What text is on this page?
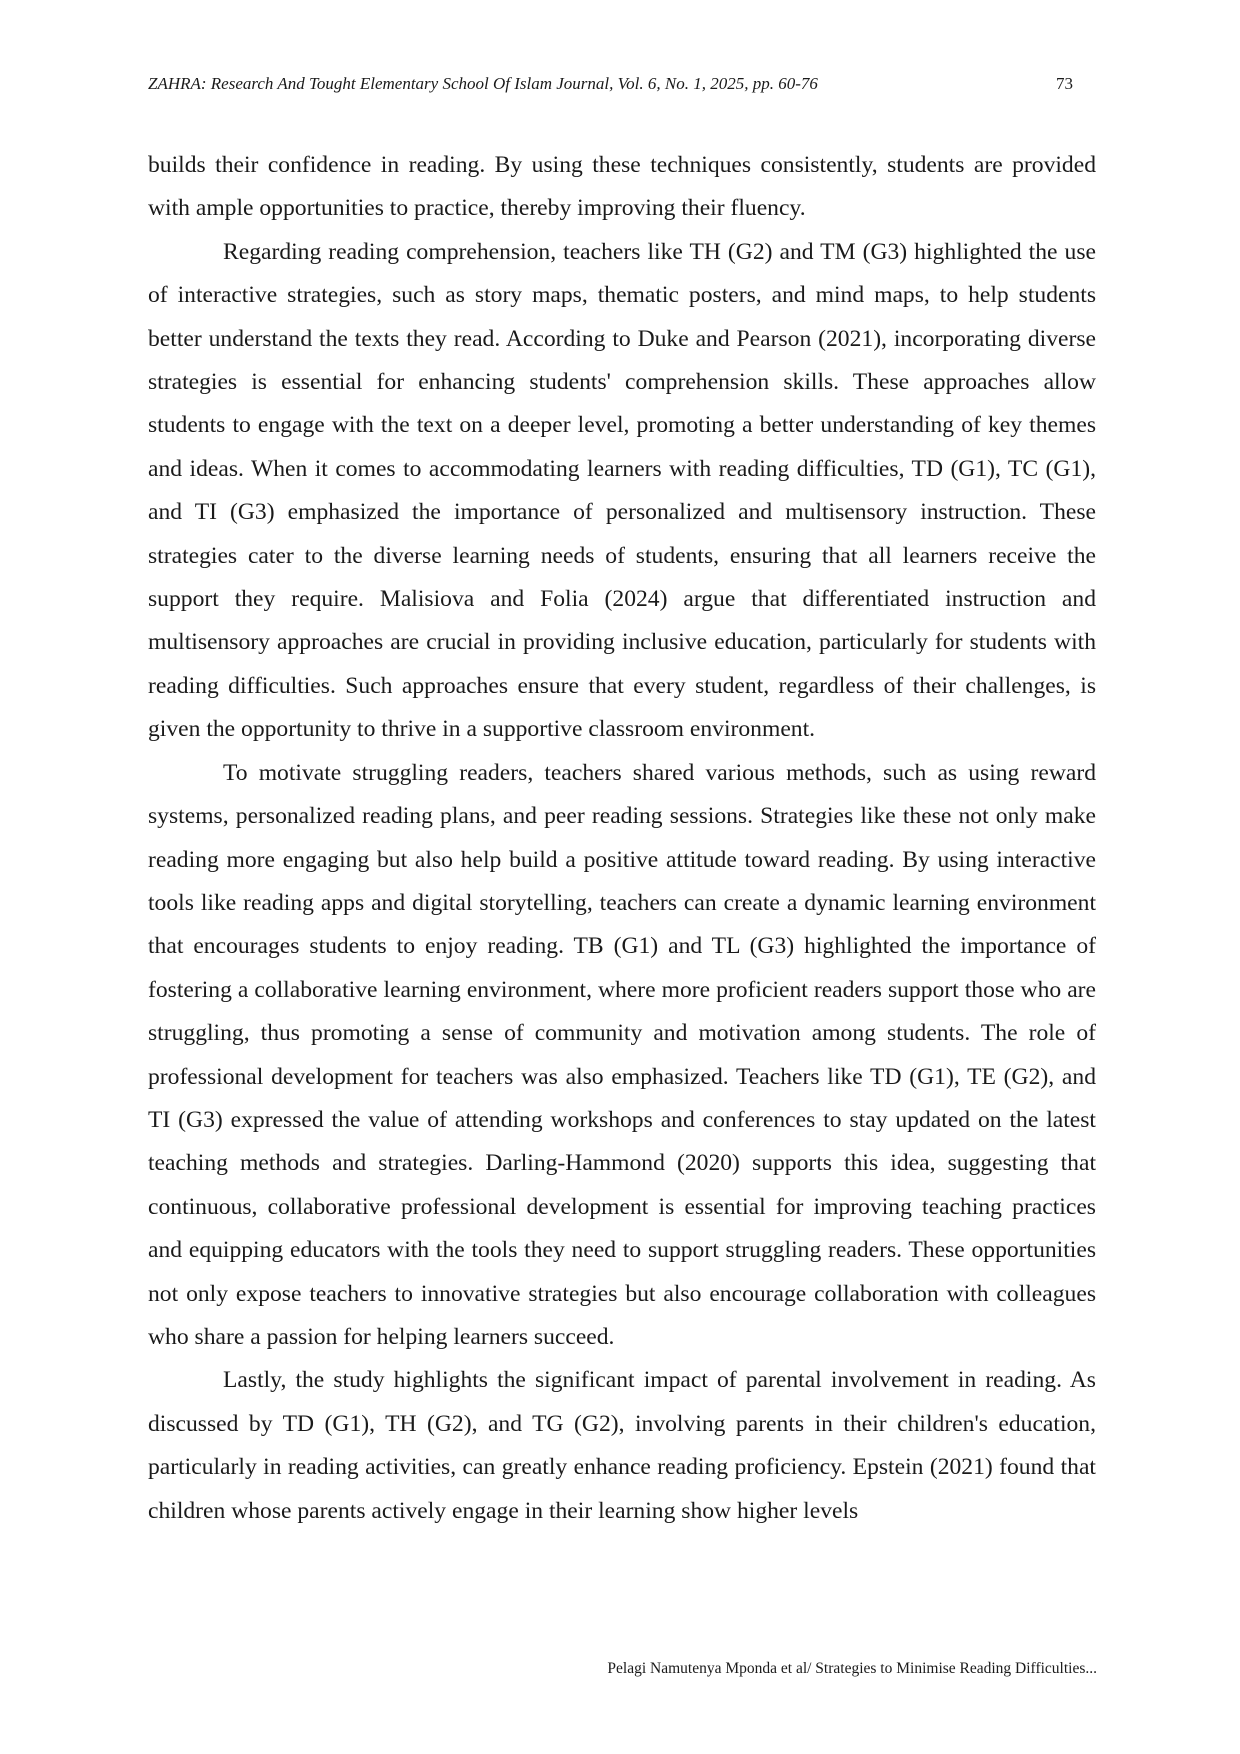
ZAHRA: Research And Tought Elementary School Of Islam Journal, Vol. 6, No. 1, 2025, pp. 60-76	73

builds their confidence in reading. By using these techniques consistently, students are provided with ample opportunities to practice, thereby improving their fluency.

Regarding reading comprehension, teachers like TH (G2) and TM (G3) highlighted the use of interactive strategies, such as story maps, thematic posters, and mind maps, to help students better understand the texts they read. According to Duke and Pearson (2021), incorporating diverse strategies is essential for enhancing students' comprehension skills. These approaches allow students to engage with the text on a deeper level, promoting a better understanding of key themes and ideas. When it comes to accommodating learners with reading difficulties, TD (G1), TC (G1), and TI (G3) emphasized the importance of personalized and multisensory instruction. These strategies cater to the diverse learning needs of students, ensuring that all learners receive the support they require. Malisiova and Folia (2024) argue that differentiated instruction and multisensory approaches are crucial in providing inclusive education, particularly for students with reading difficulties. Such approaches ensure that every student, regardless of their challenges, is given the opportunity to thrive in a supportive classroom environment.

To motivate struggling readers, teachers shared various methods, such as using reward systems, personalized reading plans, and peer reading sessions. Strategies like these not only make reading more engaging but also help build a positive attitude toward reading. By using interactive tools like reading apps and digital storytelling, teachers can create a dynamic learning environment that encourages students to enjoy reading. TB (G1) and TL (G3) highlighted the importance of fostering a collaborative learning environment, where more proficient readers support those who are struggling, thus promoting a sense of community and motivation among students. The role of professional development for teachers was also emphasized. Teachers like TD (G1), TE (G2), and TI (G3) expressed the value of attending workshops and conferences to stay updated on the latest teaching methods and strategies. Darling-Hammond (2020) supports this idea, suggesting that continuous, collaborative professional development is essential for improving teaching practices and equipping educators with the tools they need to support struggling readers. These opportunities not only expose teachers to innovative strategies but also encourage collaboration with colleagues who share a passion for helping learners succeed.

Lastly, the study highlights the significant impact of parental involvement in reading. As discussed by TD (G1), TH (G2), and TG (G2), involving parents in their children's education, particularly in reading activities, can greatly enhance reading proficiency. Epstein (2021) found that children whose parents actively engage in their learning show higher levels

Pelagi Namutenya Mponda et al/ Strategies to Minimise Reading Difficulties...
